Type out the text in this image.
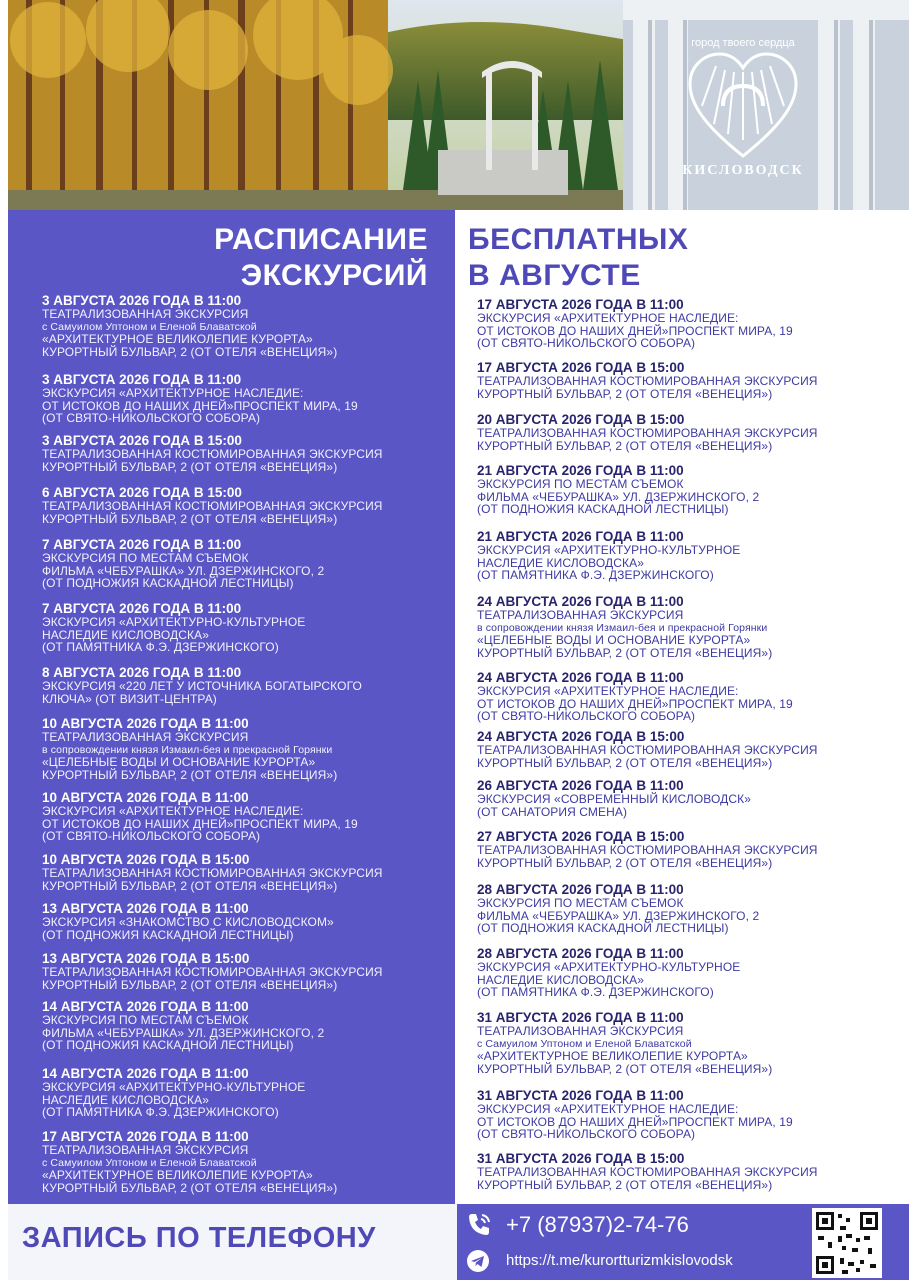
город твоего сердца
КИСЛОВОДСК
РАСПИСАНИЕ
ЭКСКУРСИЙ
БЕСПЛАТНЫХ
В АВГУСТЕ
3 АВГУСТА 2026 ГОДА В 11:00
ТЕАТРАЛИЗОВАННАЯ ЭКСКУРСИЯ
с Самуилом Уптоном и Еленой Блаватской
«АРХИТЕКТУРНОЕ ВЕЛИКОЛЕПИЕ КУРОРТА»
КУРОРТНЫЙ БУЛЬВАР, 2 (ОТ ОТЕЛЯ «ВЕНЕЦИЯ»)
3 АВГУСТА 2026 ГОДА В 11:00
ЭКСКУРСИЯ «АРХИТЕКТУРНОЕ НАСЛЕДИЕ:
ОТ ИСТОКОВ ДО НАШИХ ДНЕЙ»ПРОСПЕКТ МИРА, 19
(ОТ СВЯТО-НИКОЛЬСКОГО СОБОРА)
3 АВГУСТА 2026 ГОДА В 15:00
ТЕАТРАЛИЗОВАННАЯ КОСТЮМИРОВАННАЯ ЭКСКУРСИЯ
КУРОРТНЫЙ БУЛЬВАР, 2 (ОТ ОТЕЛЯ «ВЕНЕЦИЯ»)
6 АВГУСТА 2026 ГОДА В 15:00
ТЕАТРАЛИЗОВАННАЯ КОСТЮМИРОВАННАЯ ЭКСКУРСИЯ
КУРОРТНЫЙ БУЛЬВАР, 2 (ОТ ОТЕЛЯ «ВЕНЕЦИЯ»)
7 АВГУСТА 2026 ГОДА В 11:00
ЭКСКУРСИЯ ПО МЕСТАМ СЪЕМОК
ФИЛЬМА «ЧЕБУРАШКА» УЛ. ДЗЕРЖИНСКОГО, 2
(ОТ ПОДНОЖИЯ КАСКАДНОЙ ЛЕСТНИЦЫ)
7 АВГУСТА 2026 ГОДА В 11:00
ЭКСКУРСИЯ «АРХИТЕКТУРНО-КУЛЬТУРНОЕ
НАСЛЕДИЕ КИСЛОВОДСКА»
(ОТ ПАМЯТНИКА Ф.Э. ДЗЕРЖИНСКОГО)
8 АВГУСТА 2026 ГОДА В 11:00
ЭКСКУРСИЯ «220 ЛЕТ У ИСТОЧНИКА БОГАТЫРСКОГО
КЛЮЧА» (ОТ ВИЗИТ-ЦЕНТРА)
10 АВГУСТА 2026 ГОДА В 11:00
ТЕАТРАЛИЗОВАННАЯ ЭКСКУРСИЯ
в сопровождении князя Измаил-бея и прекрасной Горянки
«ЦЕЛЕБНЫЕ ВОДЫ И ОСНОВАНИЕ КУРОРТА»
КУРОРТНЫЙ БУЛЬВАР, 2 (ОТ ОТЕЛЯ «ВЕНЕЦИЯ»)
10 АВГУСТА 2026 ГОДА В 11:00
ЭКСКУРСИЯ «АРХИТЕКТУРНОЕ НАСЛЕДИЕ:
ОТ ИСТОКОВ ДО НАШИХ ДНЕЙ»ПРОСПЕКТ МИРА, 19
(ОТ СВЯТО-НИКОЛЬСКОГО СОБОРА)
10 АВГУСТА 2026 ГОДА В 15:00
ТЕАТРАЛИЗОВАННАЯ КОСТЮМИРОВАННАЯ ЭКСКУРСИЯ
КУРОРТНЫЙ БУЛЬВАР, 2 (ОТ ОТЕЛЯ «ВЕНЕЦИЯ»)
13 АВГУСТА 2026 ГОДА В 11:00
ЭКСКУРСИЯ «ЗНАКОМСТВО С КИСЛОВОДСКОМ»
(ОТ ПОДНОЖИЯ КАСКАДНОЙ ЛЕСТНИЦЫ)
13 АВГУСТА 2026 ГОДА В 15:00
ТЕАТРАЛИЗОВАННАЯ КОСТЮМИРОВАННАЯ ЭКСКУРСИЯ
КУРОРТНЫЙ БУЛЬВАР, 2 (ОТ ОТЕЛЯ «ВЕНЕЦИЯ»)
14 АВГУСТА 2026 ГОДА В 11:00
ЭКСКУРСИЯ ПО МЕСТАМ СЪЕМОК
ФИЛЬМА «ЧЕБУРАШКА» УЛ. ДЗЕРЖИНСКОГО, 2
(ОТ ПОДНОЖИЯ КАСКАДНОЙ ЛЕСТНИЦЫ)
14 АВГУСТА 2026 ГОДА В 11:00
ЭКСКУРСИЯ «АРХИТЕКТУРНО-КУЛЬТУРНОЕ
НАСЛЕДИЕ КИСЛОВОДСКА»
(ОТ ПАМЯТНИКА Ф.Э. ДЗЕРЖИНСКОГО)
17 АВГУСТА 2026 ГОДА В 11:00
ТЕАТРАЛИЗОВАННАЯ ЭКСКУРСИЯ
с Самуилом Уптоном и Еленой Блаватской
«АРХИТЕКТУРНОЕ ВЕЛИКОЛЕПИЕ КУРОРТА»
КУРОРТНЫЙ БУЛЬВАР, 2 (ОТ ОТЕЛЯ «ВЕНЕЦИЯ»)
17 АВГУСТА 2026 ГОДА В 11:00
ЭКСКУРСИЯ «АРХИТЕКТУРНОЕ НАСЛЕДИЕ:
ОТ ИСТОКОВ ДО НАШИХ ДНЕЙ»ПРОСПЕКТ МИРА, 19
(ОТ СВЯТО-НИКОЛЬСКОГО СОБОРА)
17 АВГУСТА 2026 ГОДА В 15:00
ТЕАТРАЛИЗОВАННАЯ КОСТЮМИРОВАННАЯ ЭКСКУРСИЯ
КУРОРТНЫЙ БУЛЬВАР, 2 (ОТ ОТЕЛЯ «ВЕНЕЦИЯ»)
20 АВГУСТА 2026 ГОДА В 15:00
ТЕАТРАЛИЗОВАННАЯ КОСТЮМИРОВАННАЯ ЭКСКУРСИЯ
КУРОРТНЫЙ БУЛЬВАР, 2 (ОТ ОТЕЛЯ «ВЕНЕЦИЯ»)
21 АВГУСТА 2026 ГОДА В 11:00
ЭКСКУРСИЯ ПО МЕСТАМ СЪЕМОК
ФИЛЬМА «ЧЕБУРАШКА» УЛ. ДЗЕРЖИНСКОГО, 2
(ОТ ПОДНОЖИЯ КАСКАДНОЙ ЛЕСТНИЦЫ)
21 АВГУСТА 2026 ГОДА В 11:00
ЭКСКУРСИЯ «АРХИТЕКТУРНО-КУЛЬТУРНОЕ
НАСЛЕДИЕ КИСЛОВОДСКА»
(ОТ ПАМЯТНИКА Ф.Э. ДЗЕРЖИНСКОГО)
24 АВГУСТА 2026 ГОДА В 11:00
ТЕАТРАЛИЗОВАННАЯ ЭКСКУРСИЯ
в сопровождении князя Измаил-бея и прекрасной Горянки
«ЦЕЛЕБНЫЕ ВОДЫ И ОСНОВАНИЕ КУРОРТА»
КУРОРТНЫЙ БУЛЬВАР, 2 (ОТ ОТЕЛЯ «ВЕНЕЦИЯ»)
24 АВГУСТА 2026 ГОДА В 11:00
ЭКСКУРСИЯ «АРХИТЕКТУРНОЕ НАСЛЕДИЕ:
ОТ ИСТОКОВ ДО НАШИХ ДНЕЙ»ПРОСПЕКТ МИРА, 19
(ОТ СВЯТО-НИКОЛЬСКОГО СОБОРА)
24 АВГУСТА 2026 ГОДА В 15:00
ТЕАТРАЛИЗОВАННАЯ КОСТЮМИРОВАННАЯ ЭКСКУРСИЯ
КУРОРТНЫЙ БУЛЬВАР, 2 (ОТ ОТЕЛЯ «ВЕНЕЦИЯ»)
26 АВГУСТА 2026 ГОДА В 11:00
ЭКСКУРСИЯ «СОВРЕМЕННЫЙ КИСЛОВОДСК»
(ОТ САНАТОРИЯ СМЕНА)
27 АВГУСТА 2026 ГОДА В 15:00
ТЕАТРАЛИЗОВАННАЯ КОСТЮМИРОВАННАЯ ЭКСКУРСИЯ
КУРОРТНЫЙ БУЛЬВАР, 2 (ОТ ОТЕЛЯ «ВЕНЕЦИЯ»)
28 АВГУСТА 2026 ГОДА В 11:00
ЭКСКУРСИЯ ПО МЕСТАМ СЪЕМОК
ФИЛЬМА «ЧЕБУРАШКА» УЛ. ДЗЕРЖИНСКОГО, 2
(ОТ ПОДНОЖИЯ КАСКАДНОЙ ЛЕСТНИЦЫ)
28 АВГУСТА 2026 ГОДА В 11:00
ЭКСКУРСИЯ «АРХИТЕКТУРНО-КУЛЬТУРНОЕ
НАСЛЕДИЕ КИСЛОВОДСКА»
(ОТ ПАМЯТНИКА Ф.Э. ДЗЕРЖИНСКОГО)
31 АВГУСТА 2026 ГОДА В 11:00
ТЕАТРАЛИЗОВАННАЯ ЭКСКУРСИЯ
с Самуилом Уптоном и Еленой Блаватской
«АРХИТЕКТУРНОЕ ВЕЛИКОЛЕПИЕ КУРОРТА»
КУРОРТНЫЙ БУЛЬВАР, 2 (ОТ ОТЕЛЯ «ВЕНЕЦИЯ»)
31 АВГУСТА 2026 ГОДА В 11:00
ЭКСКУРСИЯ «АРХИТЕКТУРНОЕ НАСЛЕДИЕ:
ОТ ИСТОКОВ ДО НАШИХ ДНЕЙ»ПРОСПЕКТ МИРА, 19
(ОТ СВЯТО-НИКОЛЬСКОГО СОБОРА)
31 АВГУСТА 2026 ГОДА В 15:00
ТЕАТРАЛИЗОВАННАЯ КОСТЮМИРОВАННАЯ ЭКСКУРСИЯ
КУРОРТНЫЙ БУЛЬВАР, 2 (ОТ ОТЕЛЯ «ВЕНЕЦИЯ»)
ЗАПИСЬ ПО ТЕЛЕФОНУ	+7 (87937)2-74-76
https://t.me/kurortturizmkislovodsk
